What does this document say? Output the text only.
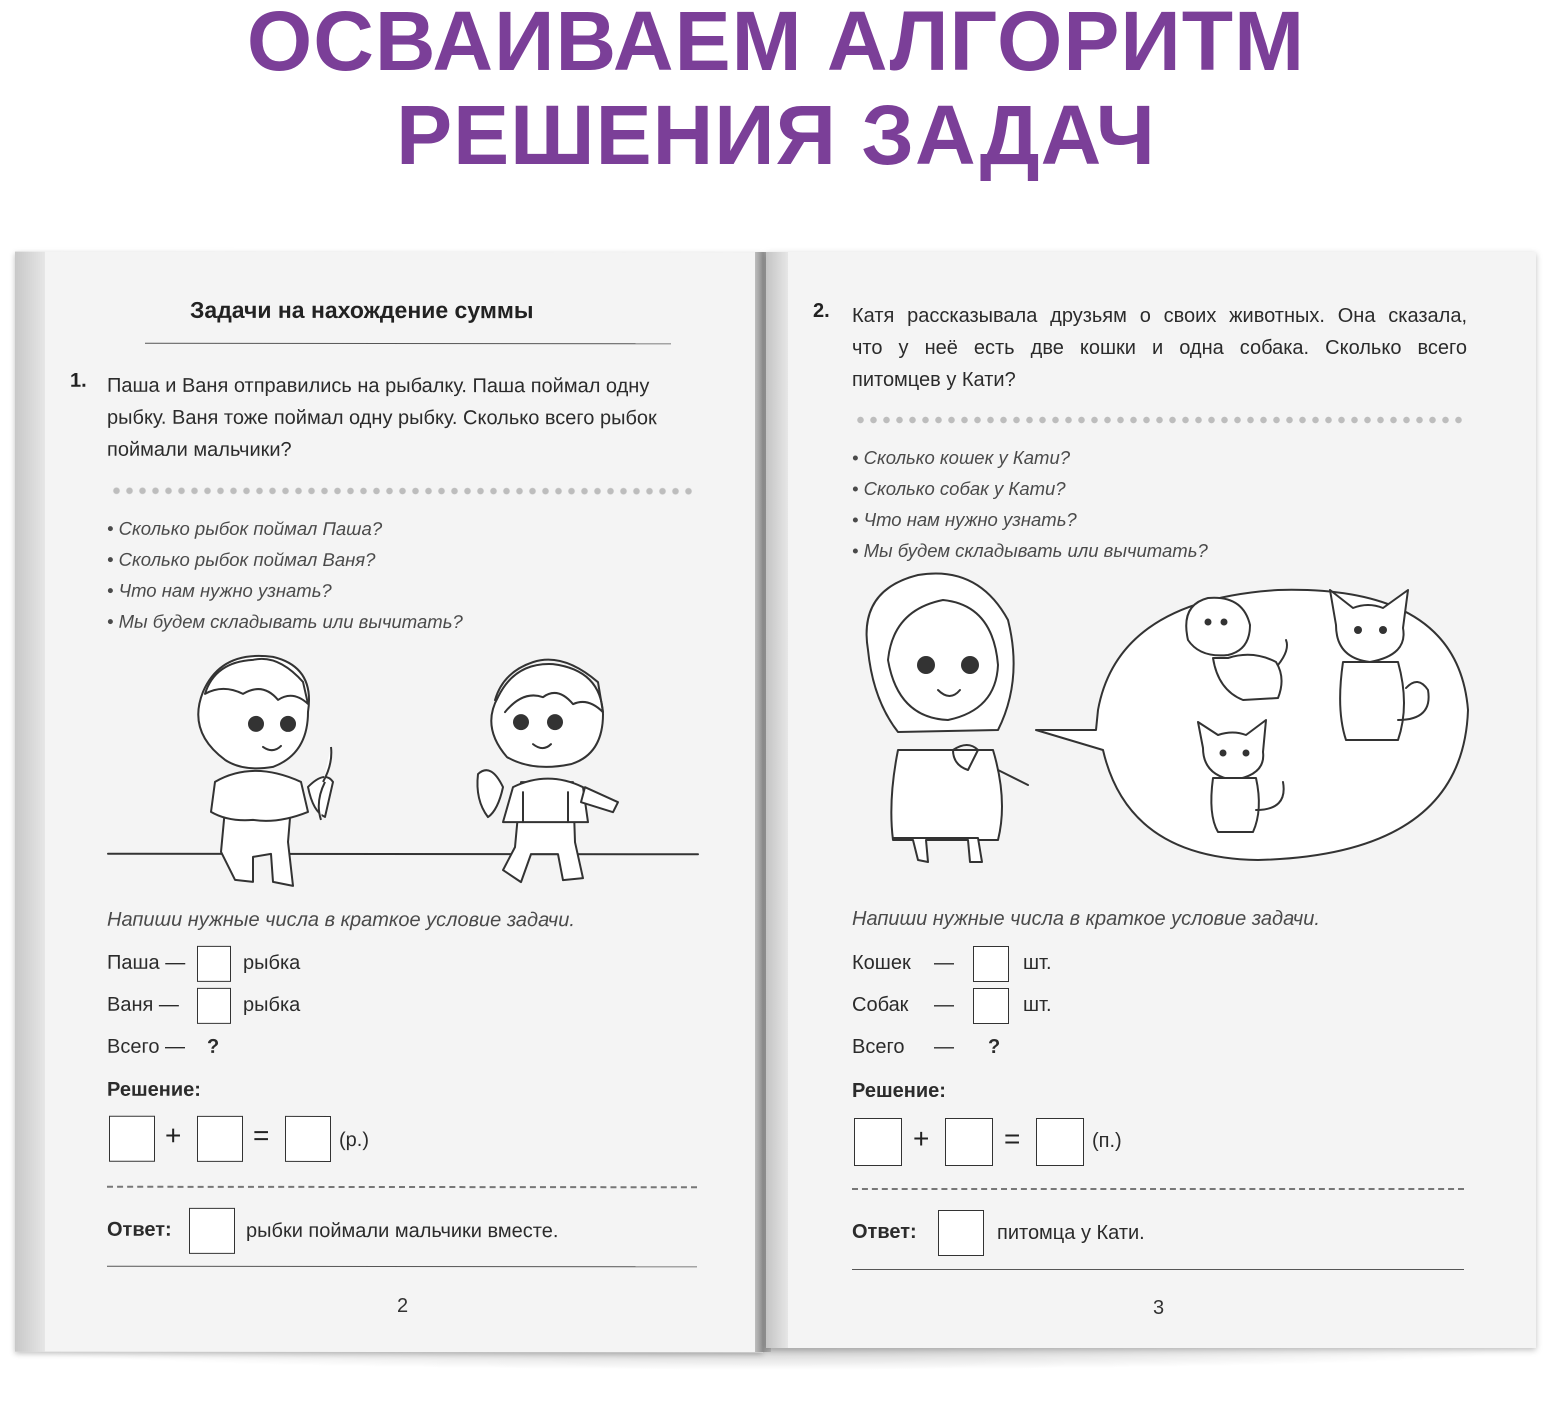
ОСВАИВАЕМ АЛГОРИТМ
РЕШЕНИЯ ЗАДАЧ
Задачи на нахождение суммы
1. Паша и Ваня отправились на рыбалку. Паша поймал одну
рыбку. Ваня тоже поймал одну рыбку. Сколько всего рыбок
поймали мальчики?
• Сколько рыбок поймал Паша?
• Сколько рыбок поймал Ваня?
• Что нам нужно узнать?
• Мы будем складывать или вычитать?
Напиши нужные числа в краткое условие задачи.
Паша —	рыбка
Ваня —	рыбка
Всего — ?
Решение:
+	=	(р.)
Ответ:	рыбки поймали мальчики вместе.
2
2. Катя рассказывала друзьям о своих животных. Она сказала,
что у неё есть две кошки и одна собака. Сколько всего
питомцев у Кати?
• Сколько кошек у Кати?
• Сколько собак у Кати?
• Что нам нужно узнать?
• Мы будем складывать или вычитать?
Напиши нужные числа в краткое условие задачи.
Кошек —	шт.
Собак —	шт.
Всего — ?
Решение:
+	=	(п.)
Ответ:	питомца у Кати.
3
